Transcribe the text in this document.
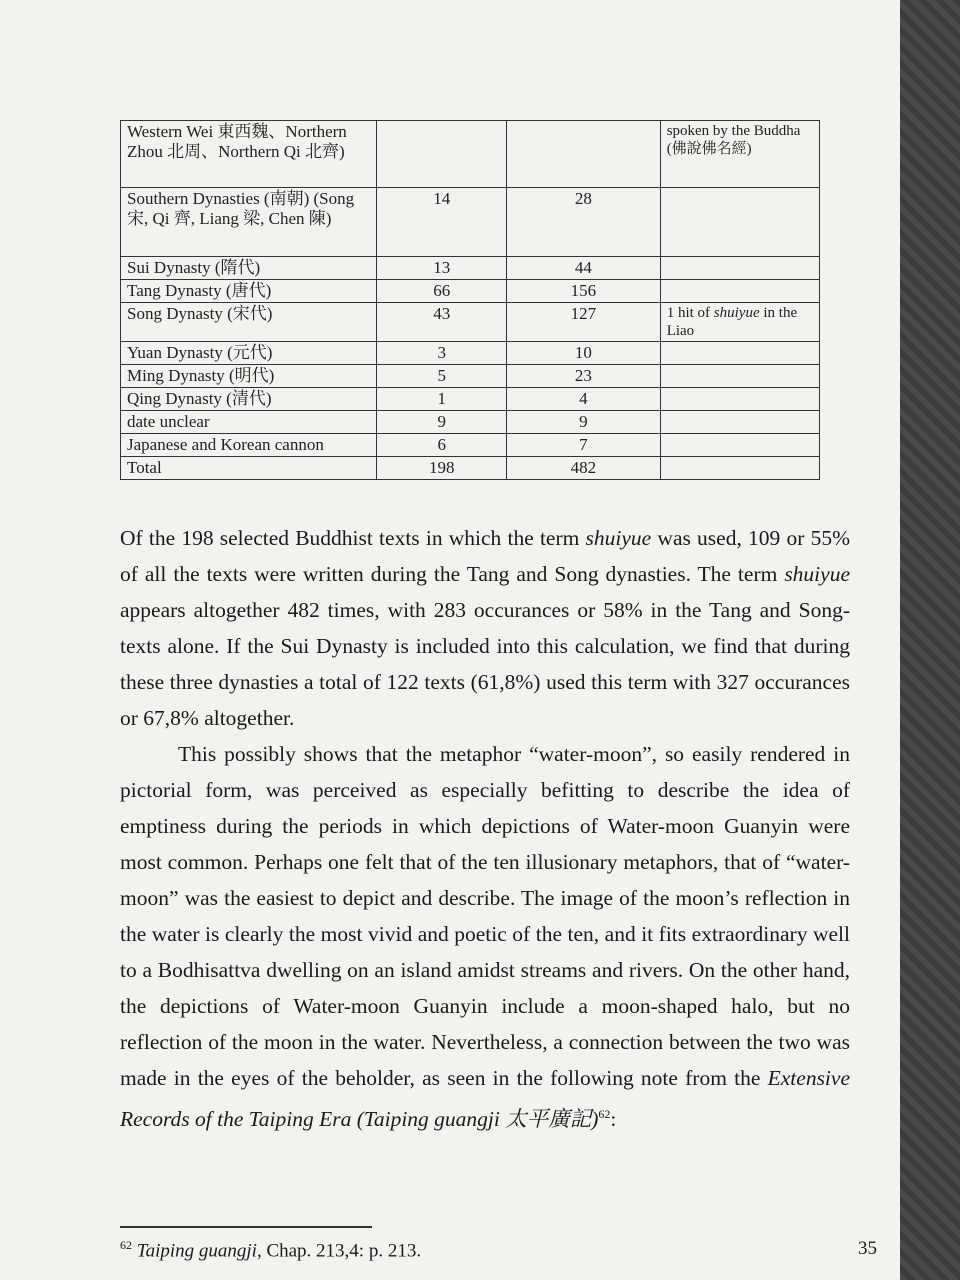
Western Wei 東西魏、Northern Zhou 北周、Northern Qi 北齊)			spoken by the Buddha (佛說佛名經)
Southern Dynasties (南朝) (Song 宋, Qi 齊, Liang 梁, Chen 陳)	14	28	
Sui Dynasty (隋代)	13	44	
Tang Dynasty (唐代)	66	156	
Song Dynasty (宋代)	43	127	1 hit of shuiyue in the Liao
Yuan Dynasty (元代)	3	10	
Ming Dynasty (明代)	5	23	
Qing Dynasty (清代)	1	4	
date unclear	9	9	
Japanese and Korean cannon	6	7	
Total	198	482	

Of the 198 selected Buddhist texts in which the term shuiyue was used, 109 or 55% of all the texts were written during the Tang and Song dynasties. The term shuiyue appears altogether 482 times, with 283 occurances or 58% in the Tang and Song-texts alone. If the Sui Dynasty is included into this calculation, we find that during these three dynasties a total of 122 texts (61,8%) used this term with 327 occurances or 67,8% altogether.

This possibly shows that the metaphor “water-moon”, so easily rendered in pictorial form, was perceived as especially befitting to describe the idea of emptiness during the periods in which depictions of Water-moon Guanyin were most common. Perhaps one felt that of the ten illusionary metaphors, that of “water-moon” was the easiest to depict and describe. The image of the moon’s reflection in the water is clearly the most vivid and poetic of the ten, and it fits extraordinary well to a Bodhisattva dwelling on an island amidst streams and rivers. On the other hand, the depictions of Water-moon Guanyin include a moon-shaped halo, but no reflection of the moon in the water. Nevertheless, a connection between the two was made in the eyes of the beholder, as seen in the following note from the Extensive Records of the Taiping Era (Taiping guangji 太平廣記)$^{62}$:

$^{62}$ Taiping guangji, Chap. 213,4: p. 213.	35
